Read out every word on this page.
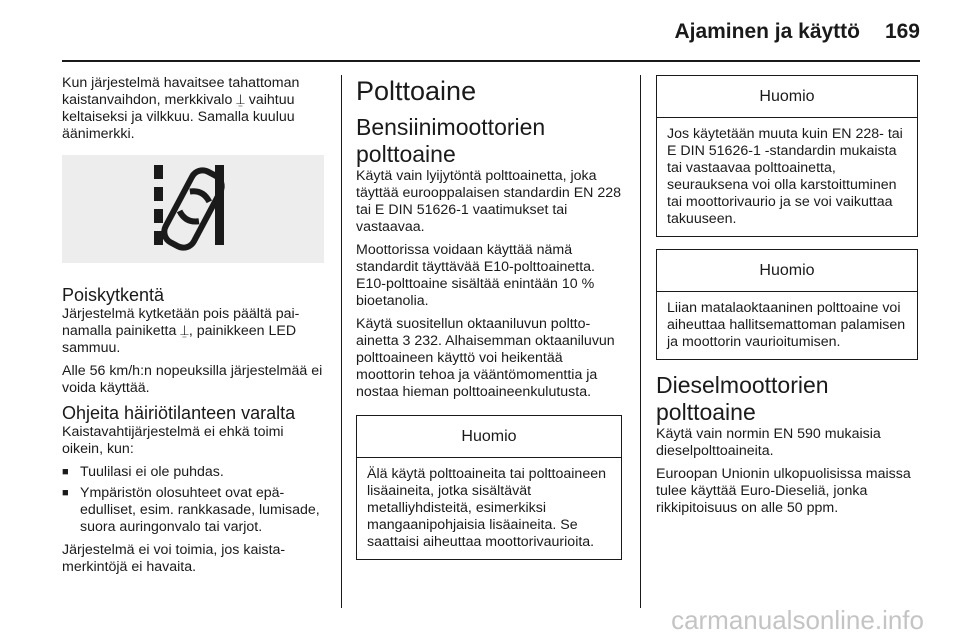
Ajaminen ja käyttö 169

Kun järjestelmä havaitsee tahattoman kaistanvaihdon, merkkivalo ⍊ vaihtuu keltaiseksi ja vilkkuu. Samalla kuuluu äänimerkki.

Poiskytkentä

Järjestelmä kytketään pois päältä painamalla painiketta ⍊, painikkeen LED sammuu.

Alle 56 km/h:n nopeuksilla järjestelmää ei voida käyttää.

Ohjeita häiriötilanteen varalta

Kaistavahtijärjestelmä ei ehkä toimi oikein, kun:

■ Tuulilasi ei ole puhdas.
■ Ympäristön olosuhteet ovat epäedulliset, esim. rankkasade, lumisade, suora auringonvalo tai varjot.

Järjestelmä ei voi toimia, jos kaistamerkintöjä ei havaita.

Polttoaine
Bensiinimoottorien polttoaine

Käytä vain lyijytöntä polttoainetta, joka täyttää eurooppalaisen standardin EN 228 tai E DIN 51626-1 vaatimukset tai vastaavaa.

Moottorissa voidaan käyttää nämä standardit täyttävää E10-polttoainetta. E10-polttoaine sisältää enintään 10 % bioetanolia.

Käytä suositellun oktaaniluvun polttoainetta 3 232. Alhaisemman oktaaniluvun polttoaineen käyttö voi heikentää moottorin tehoa ja vääntömomenttia ja nostaa hieman polttoaineenkulutusta.

Huomio
Älä käytä polttoaineita tai polttoaineen lisäaineita, jotka sisältävät metalliyhdisteitä, esimerkiksi mangaanipohjaisia lisäaineita. Se saattaisi aiheuttaa moottorivaurioita.
Huomio
Jos käytetään muuta kuin EN 228- tai E DIN 51626-1 -standardin mukaista tai vastaavaa polttoainetta, seurauksena voi olla karstoittuminen tai moottorivaurio ja se voi vaikuttaa takuuseen.
Huomio
Liian matalaoktaaninen polttoaine voi aiheuttaa hallitsemattoman palamisen ja moottorin vaurioitumisen.
Dieselmoottorien polttoaine

Käytä vain normin EN 590 mukaisia dieselpolttoaineita.

Euroopan Unionin ulkopuolisissa maissa tulee käyttää Euro-Dieseliä, jonka rikkipitoisuus on alle 50 ppm.

carmanualsonline.info
